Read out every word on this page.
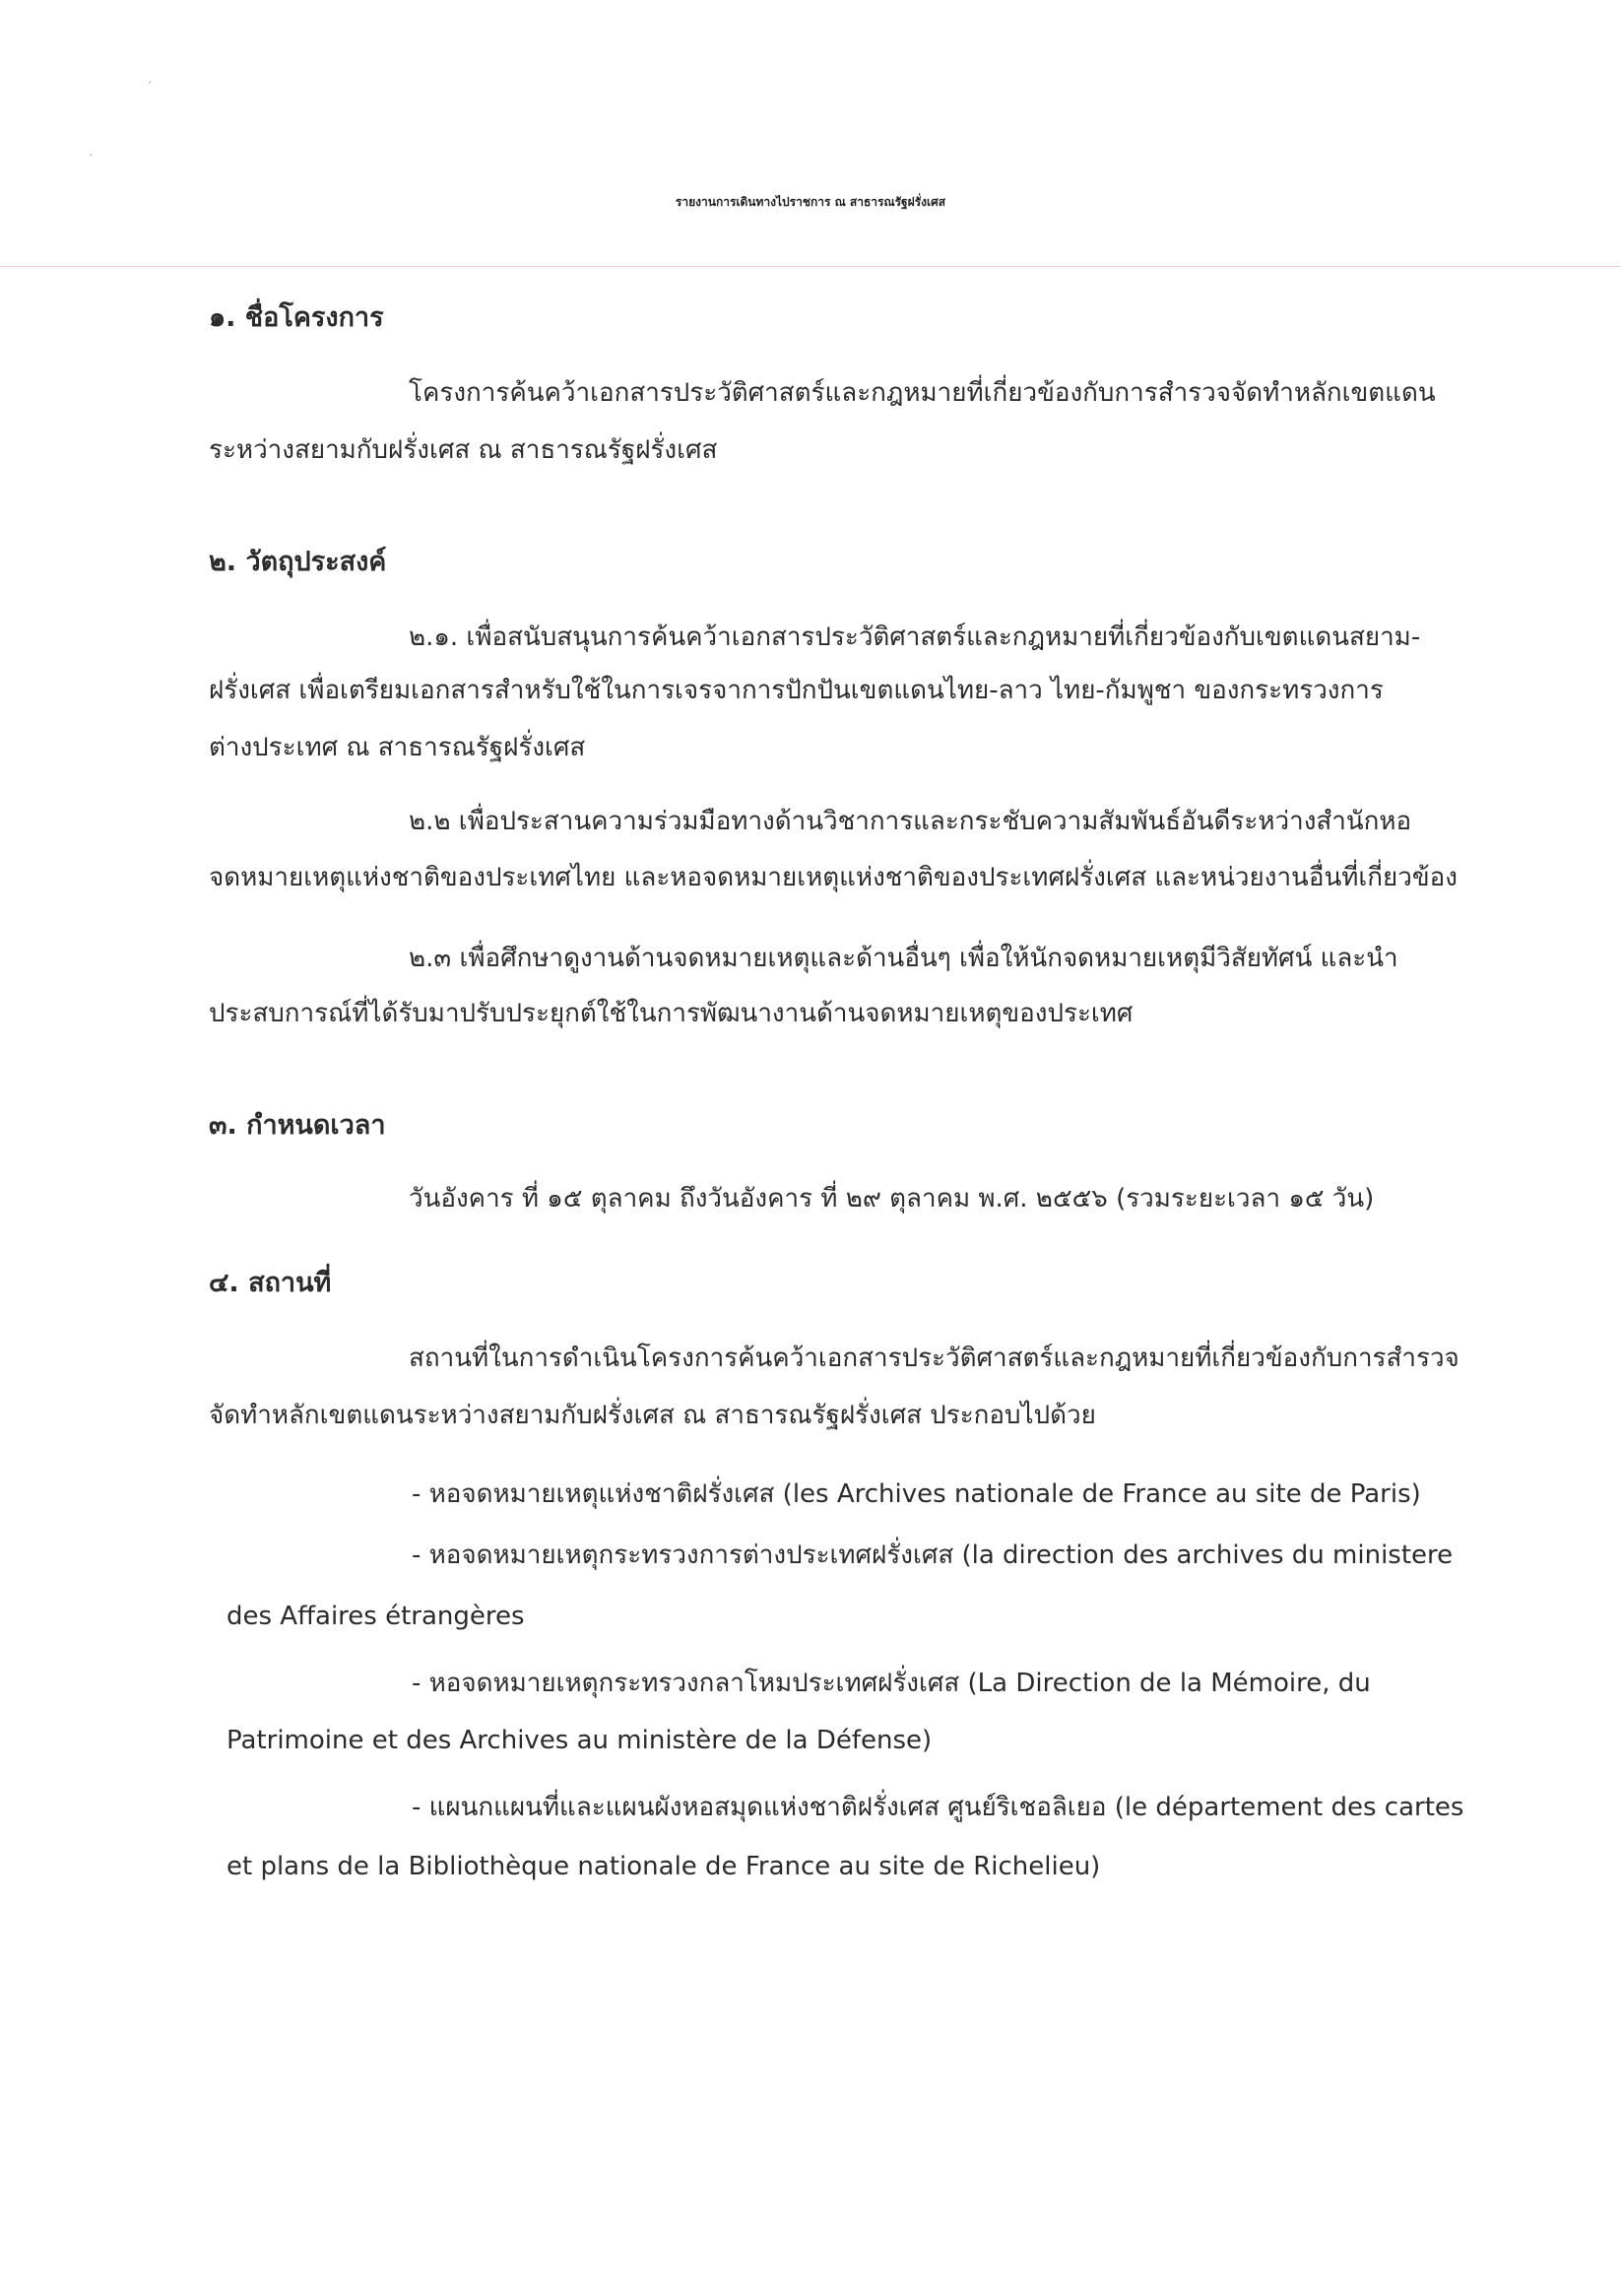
ˊ
·
รายงานการเดินทางไปราชการ ณ สาธารณรัฐฝรั่งเศส
๑. ชื่อโครงการ

โครงการค้นคว้าเอกสารประวัติศาสตร์และกฎหมายที่เกี่ยวข้องกับการสำรวจจัดทำหลักเขตแดน

ระหว่างสยามกับฝรั่งเศส ณ สาธารณรัฐฝรั่งเศส

๒. วัตถุประสงค์

๒.๑. เพื่อสนับสนุนการค้นคว้าเอกสารประวัติศาสตร์และกฎหมายที่เกี่ยวข้องกับเขตแดนสยาม-

ฝรั่งเศส เพื่อเตรียมเอกสารสำหรับใช้ในการเจรจาการปักปันเขตแดนไทย-ลาว ไทย-กัมพูชา ของกระทรวงการ

ต่างประเทศ ณ สาธารณรัฐฝรั่งเศส

๒.๒ เพื่อประสานความร่วมมือทางด้านวิชาการและกระชับความสัมพันธ์อันดีระหว่างสำนักหอ

จดหมายเหตุแห่งชาติของประเทศไทย และหอจดหมายเหตุแห่งชาติของประเทศฝรั่งเศส และหน่วยงานอื่นที่เกี่ยวข้อง

๒.๓ เพื่อศึกษาดูงานด้านจดหมายเหตุและด้านอื่นๆ เพื่อให้นักจดหมายเหตุมีวิสัยทัศน์ และนำ

ประสบการณ์ที่ได้รับมาปรับประยุกต์ใช้ในการพัฒนางานด้านจดหมายเหตุของประเทศ

๓. กำหนดเวลา

วันอังคาร ที่ ๑๕ ตุลาคม ถึงวันอังคาร ที่ ๒๙ ตุลาคม พ.ศ. ๒๕๕๖ (รวมระยะเวลา ๑๕ วัน)

๔. สถานที่

สถานที่ในการดำเนินโครงการค้นคว้าเอกสารประวัติศาสตร์และกฎหมายที่เกี่ยวข้องกับการสำรวจ

จัดทำหลักเขตแดนระหว่างสยามกับฝรั่งเศส ณ สาธารณรัฐฝรั่งเศส ประกอบไปด้วย

- หอจดหมายเหตุแห่งชาติฝรั่งเศส (les Archives nationale de France au site de Paris)

- หอจดหมายเหตุกระทรวงการต่างประเทศฝรั่งเศส (la direction des archives du ministere

des Affaires étrangères

- หอจดหมายเหตุกระทรวงกลาโหมประเทศฝรั่งเศส (La Direction de la Mémoire, du

Patrimoine et des Archives au ministère de la Défense)

- แผนกแผนที่และแผนผังหอสมุดแห่งชาติฝรั่งเศส ศูนย์ริเชอลิเยอ (le département des cartes

et plans de la Bibliothèque nationale de France au site de Richelieu)
